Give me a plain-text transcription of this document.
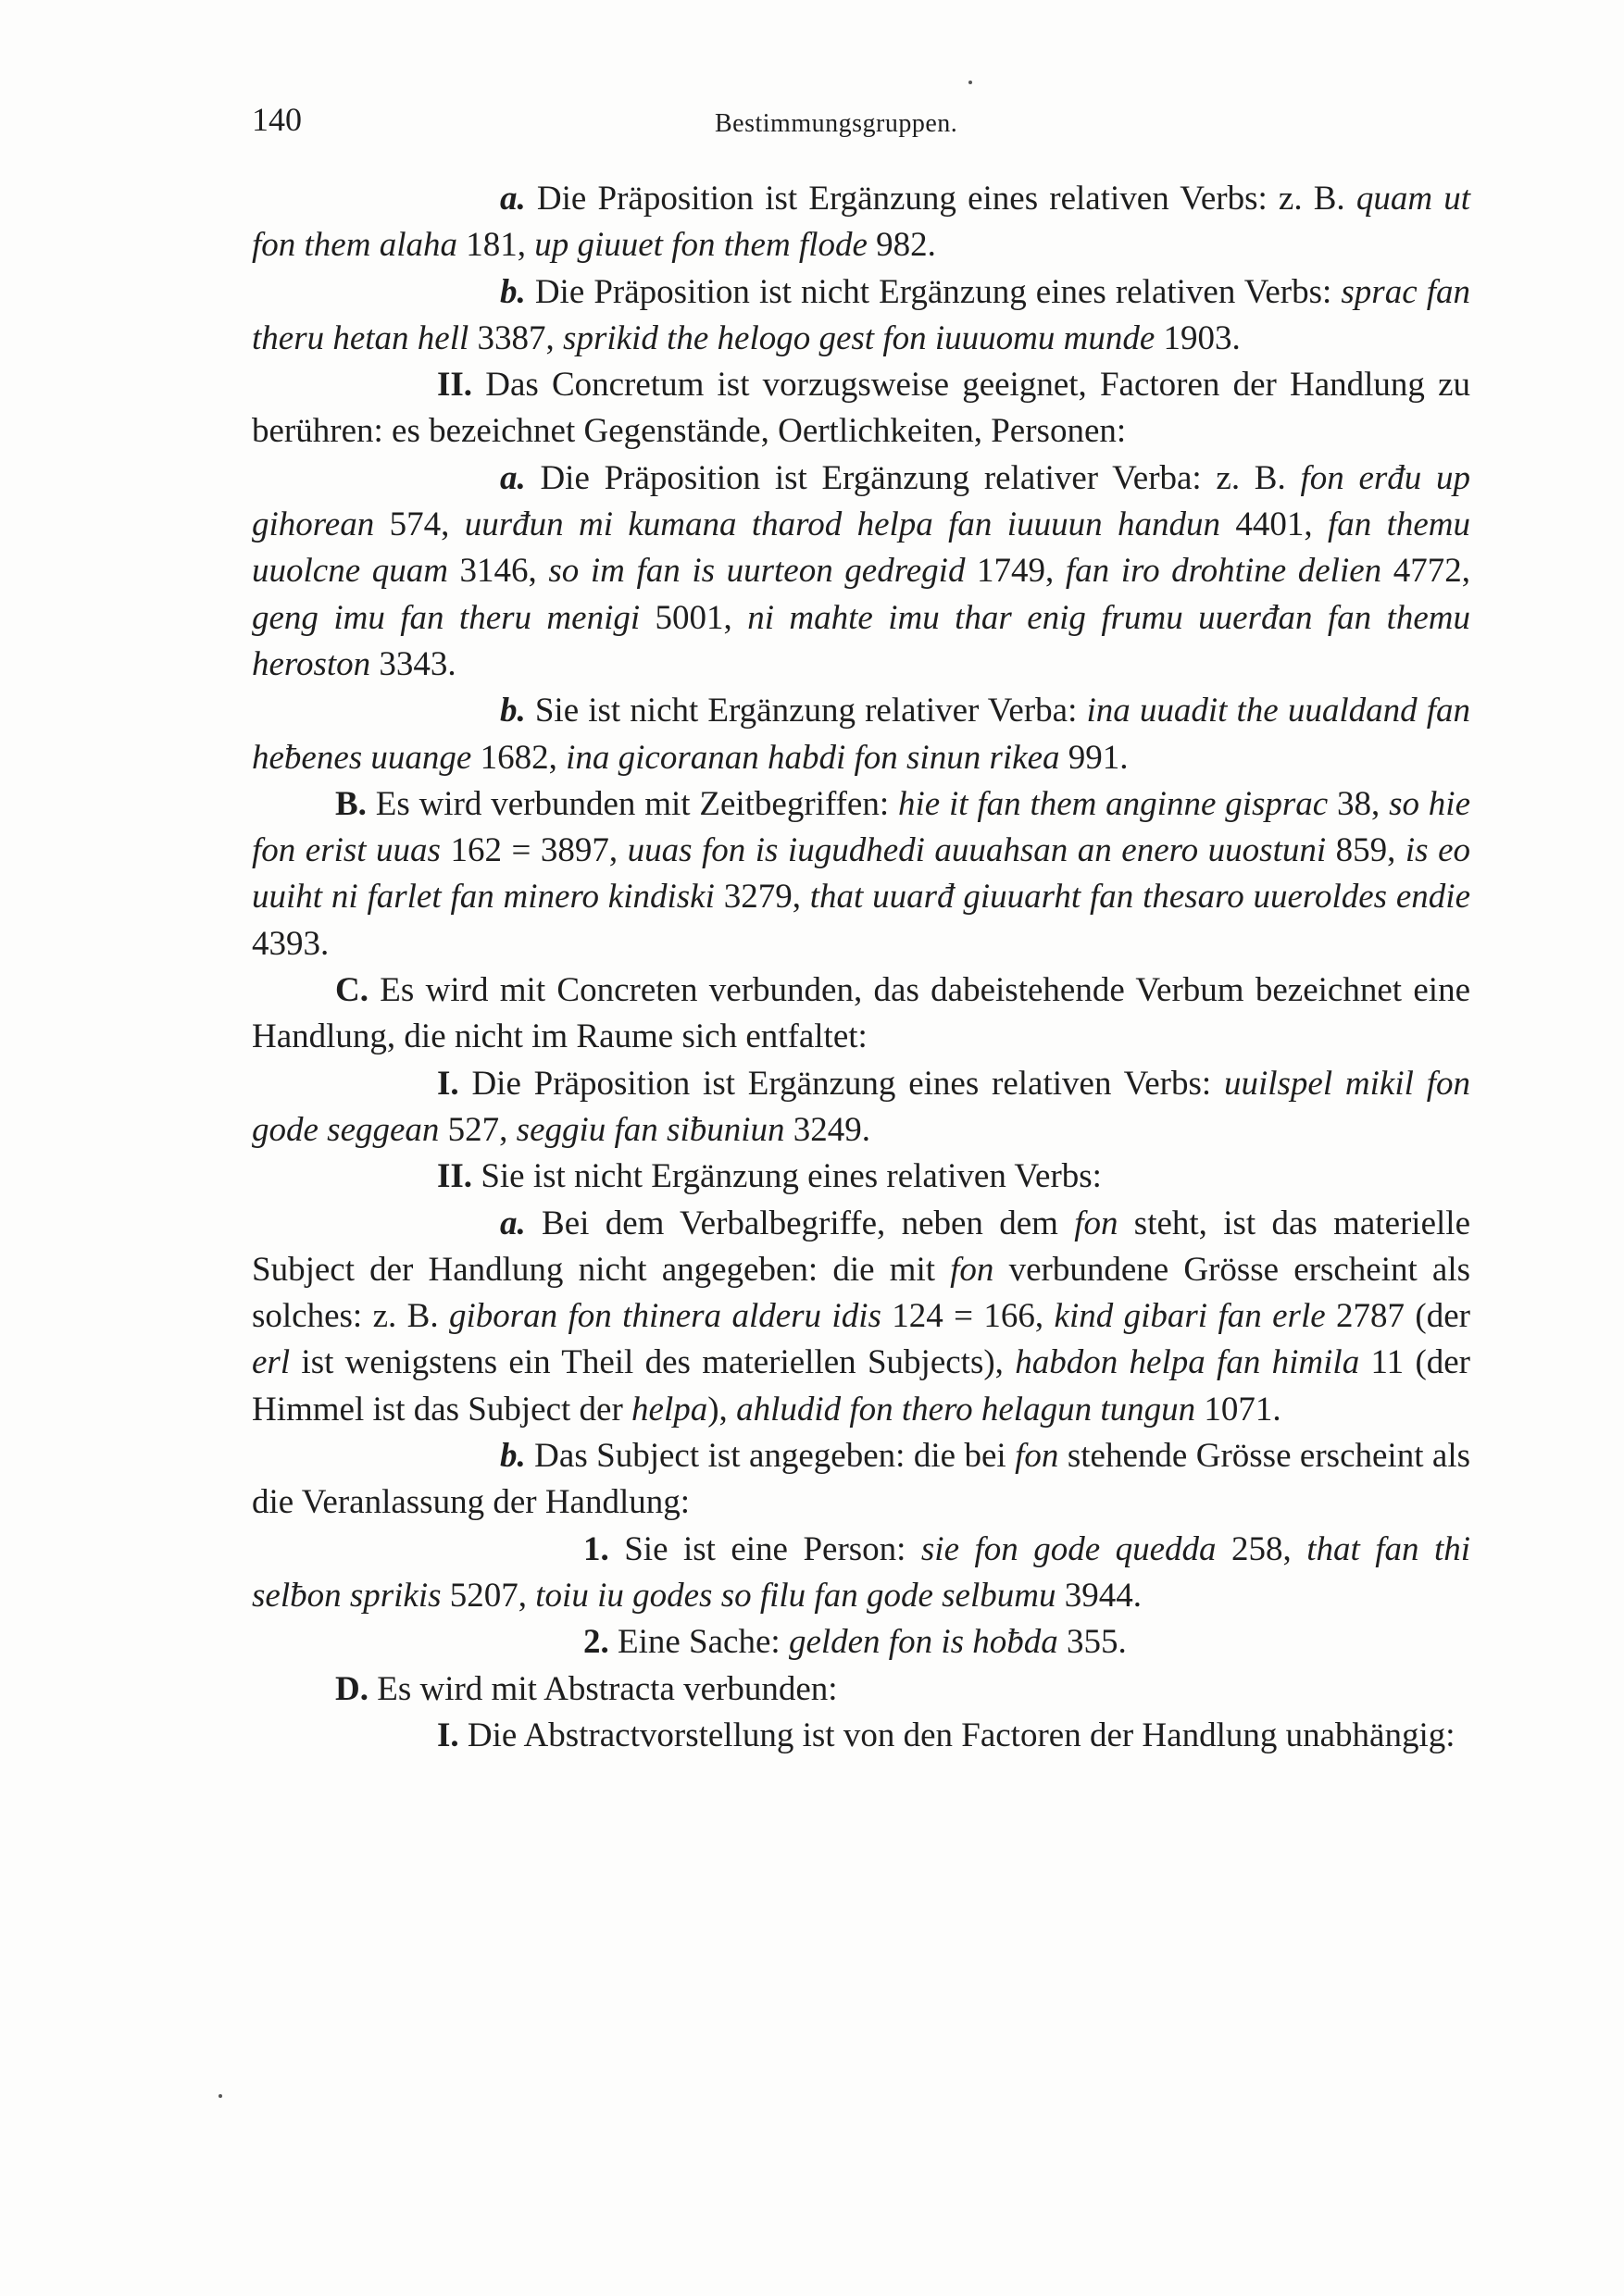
140	Bestimmungsgruppen.

a. Die Präposition ist Ergänzung eines relativen Verbs: z. B. quam ut fon them alaha 181, up giuuet fon them flode 982.

b. Die Präposition ist nicht Ergänzung eines relativen Verbs: sprac fan theru hetan hell 3387, sprikid the helogo gest fon iuuuomu munde 1903.

II. Das Concretum ist vorzugsweise geeignet, Factoren der Handlung zu berühren: es bezeichnet Gegenstände, Oertlichkeiten, Personen:

a. Die Präposition ist Ergänzung relativer Verba: z. B. fon erđu up gihorean 574, uurđun mi kumana tharod helpa fan iuuuun handun 4401, fan themu uuolcne quam 3146, so im fan is uurteon gedregid 1749, fan iro drohtine delien 4772, geng imu fan theru menigi 5001, ni mahte imu thar enig frumu uuerđan fan themu heroston 3343.

b. Sie ist nicht Ergänzung relativer Verba: ina uuadit the uualdand fan heƀenes uuange 1682, ina gicoranan habdi fon sinun rikea 991.

B. Es wird verbunden mit Zeitbegriffen: hie it fan them anginne gisprac 38, so hie fon erist uuas 162 = 3897, uuas fon is iugudhedi auuahsan an enero uuostuni 859, is eo uuiht ni farlet fan minero kindiski 3279, that uuarđ giuuarht fan thesaro uueroldes endie 4393.

C. Es wird mit Concreten verbunden, das dabeistehende Verbum bezeichnet eine Handlung, die nicht im Raume sich entfaltet:

I. Die Präposition ist Ergänzung eines relativen Verbs: uuilspel mikil fon gode seggean 527, seggiu fan siƀuniun 3249.

II. Sie ist nicht Ergänzung eines relativen Verbs:

a. Bei dem Verbalbegriffe, neben dem fon steht, ist das materielle Subject der Handlung nicht angegeben: die mit fon verbundene Grösse erscheint als solches: z. B. giboran fon thinera alderu idis 124 = 166, kind gibari fan erle 2787 (der erl ist wenigstens ein Theil des materiellen Subjects), habdon helpa fan himila 11 (der Himmel ist das Subject der helpa), ahludid fon thero helagun tungun 1071.

b. Das Subject ist angegeben: die bei fon stehende Grösse erscheint als die Veranlassung der Handlung:

1. Sie ist eine Person: sie fon gode quedda 258, that fan thi selƀon sprikis 5207, toiu iu godes so filu fan gode selbumu 3944.

2. Eine Sache: gelden fon is hoƀda 355.

D. Es wird mit Abstracta verbunden:

I. Die Abstractvorstellung ist von den Factoren der Handlung unabhängig:
